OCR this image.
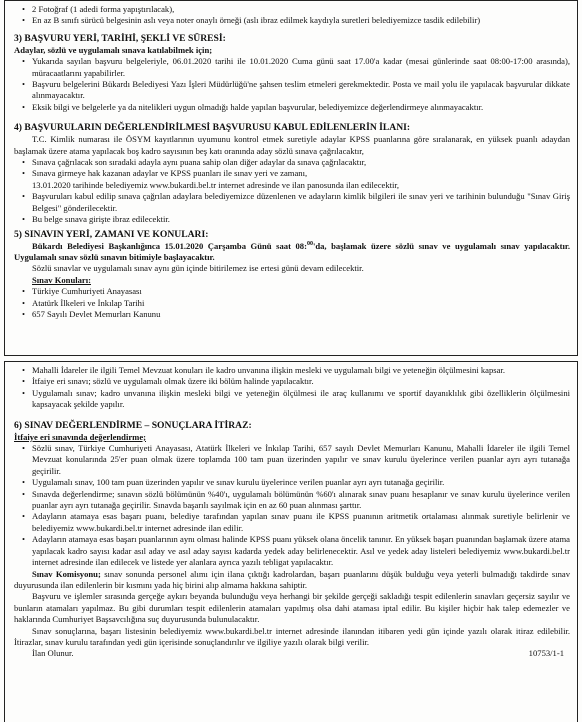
• 2 Fotoğraf (1 adedi forma yapıştırılacak),

• En az B sınıfı sürücü belgesinin aslı veya noter onaylı örneği (aslı ibraz edilmek kaydıyla suretleri belediyemizce tasdik edilebilir)

3) BAŞVURU YERİ, TARİHİ, ŞEKLİ VE SÜRESİ:

Adaylar, sözlü ve uygulamalı sınava katılabilmek için;

• Yukarıda sayılan başvuru belgeleriyle, 06.01.2020 tarihi ile 10.01.2020 Cuma günü saat 17.00'a kadar (mesai günlerinde saat 08:00-17:00 arasında), müracaatlarını yapabilirler.

• Başvuru belgelerini Bükardı Belediyesi Yazı İşleri Müdürlüğü'ne şahsen teslim etmeleri gerekmektedir. Posta ve mail yolu ile yapılacak başvurular dikkate alınmayacaktır.

• Eksik bilgi ve belgelerle ya da nitelikleri uygun olmadığı halde yapılan başvurular, belediyemizce değerlendirmeye alınmayacaktır.

4) BAŞVURULARIN DEĞERLENDİRİLMESİ BAŞVURUSU KABUL EDİLENLERİN İLANI:

T.C. Kimlik numarası ile ÖSYM kayıtlarının uyumunu kontrol etmek suretiyle adaylar KPSS puanlarına göre sıralanarak, en yüksek puanlı adaydan başlamak üzere atama yapılacak boş kadro sayısının beş katı oranında aday sözlü sınava çağrılacaktır,

• Sınava çağrılacak son sıradaki adayla aynı puana sahip olan diğer adaylar da sınava çağrılacaktır,

• Sınava girmeye hak kazanan adaylar ve KPSS puanları ile sınav yeri ve zamanı,

13.01.2020 tarihinde belediyemiz www.bukardi.bel.tr internet adresinde ve ilan panosunda ilan edilecektir,

• Başvuruları kabul edilip sınava çağrılan adaylara belediyemizce düzenlenen ve adayların kimlik bilgileri ile sınav yeri ve tarihinin bulunduğu "Sınav Giriş Belgesi" gönderilecektir.

• Bu belge sınava girişte ibraz edilecektir.

5) SINAVIN YERİ, ZAMANI VE KONULARI:

Bükardı Belediyesi Başkanlığınca 15.01.2020 Çarşamba Günü saat 08:$^{00}$'da, başlamak üzere sözlü sınav ve uygulamalı sınav yapılacaktır. Uygulamalı sınav sözlü sınavın bitimiyle başlayacaktır.

Sözlü sınavlar ve uygulamalı sınav aynı gün içinde bitirilemez ise ertesi günü devam edilecektir.

Sınav Konuları:

• Türkiye Cumhuriyeti Anayasası

• Atatürk İlkeleri ve İnkılap Tarihi

• 657 Sayılı Devlet Memurları Kanunu

• Mahalli İdareler ile ilgili Temel Mevzuat konuları ile kadro unvanına ilişkin mesleki ve uygulamalı bilgi ve yeteneğin ölçülmesini kapsar.

• İtfaiye eri sınavı; sözlü ve uygulamalı olmak üzere iki bölüm halinde yapılacaktır.

• Uygulamalı sınav; kadro unvanına ilişkin mesleki bilgi ve yeteneğin ölçülmesi ile araç kullanımı ve sportif dayanıklılık gibi özelliklerin ölçülmesini kapsayacak şekilde yapılır.

6) SINAV DEĞERLENDİRME – SONUÇLARA İTİRAZ:

İtfaiye eri sınavında değerlendirme;

• Sözlü sınav, Türkiye Cumhuriyeti Anayasası, Atatürk İlkeleri ve İnkılap Tarihi, 657 sayılı Devlet Memurları Kanunu, Mahalli İdareler ile ilgili Temel Mevzuat konularında 25'er puan olmak üzere toplamda 100 tam puan üzerinden yapılır ve sınav kurulu üyelerince verilen puanlar ayrı ayrı tutanağa geçirilir.

• Uygulamalı sınav, 100 tam puan üzerinden yapılır ve sınav kurulu üyelerince verilen puanlar ayrı ayrı tutanağa geçirilir.

• Sınavda değerlendirme; sınavın sözlü bölümünün %40'ı, uygulamalı bölümünün %60'ı alınarak sınav puanı hesaplanır ve sınav kurulu üyelerince verilen puanlar ayrı ayrı tutanağa geçirilir. Sınavda başarılı sayılmak için en az 60 puan alınması şarttır.

• Adayların atamaya esas başarı puanı, belediye tarafından yapılan sınav puanı ile KPSS puanının aritmetik ortalaması alınmak suretiyle belirlenir ve belediyemiz www.bukardi.bel.tr internet adresinde ilan edilir.

• Adayların atamaya esas başarı puanlarının aynı olması halinde KPSS puanı yüksek olana öncelik tanınır. En yüksek başarı puanından başlamak üzere atama yapılacak kadro sayısı kadar asıl aday ve asıl aday sayısı kadarda yedek aday belirlenecektir. Asıl ve yedek aday listeleri belediyemiz www.bukardi.bel.tr internet adresinde ilan edilecek ve listede yer alanlara ayrıca yazılı tebligat yapılacaktır.

Sınav Komisyonu; sınav sonunda personel alımı için ilana çıktığı kadrolardan, başarı puanlarını düşük bulduğu veya yeterli bulmadığı takdirde sınav duyurusunda ilan edilenlerin bir kısmını yada hiç birini alıp almama hakkına sahiptir.

Başvuru ve işlemler sırasında gerçeğe aykırı beyanda bulunduğu veya herhangi bir şekilde gerçeği sakladığı tespit edilenlerin sınavları geçersiz sayılır ve bunların atamaları yapılmaz. Bu gibi durumları tespit edilenlerin atamaları yapılmış olsa dahi ataması iptal edilir. Bu kişiler hiçbir hak talep edemezler ve haklarında Cumhuriyet Başsavcılığına suç duyurusunda bulunulacaktır.

Sınav sonuçlarına, başarı listesinin belediyemiz www.bukardi.bel.tr internet adresinde ilanından itibaren yedi gün içinde yazılı olarak itiraz edilebilir. İtirazlar, sınav kurulu tarafından yedi gün içerisinde sonuçlandırılır ve ilgiliye yazılı olarak bilgi verilir.

İlan Olunur.	10753/1-1
